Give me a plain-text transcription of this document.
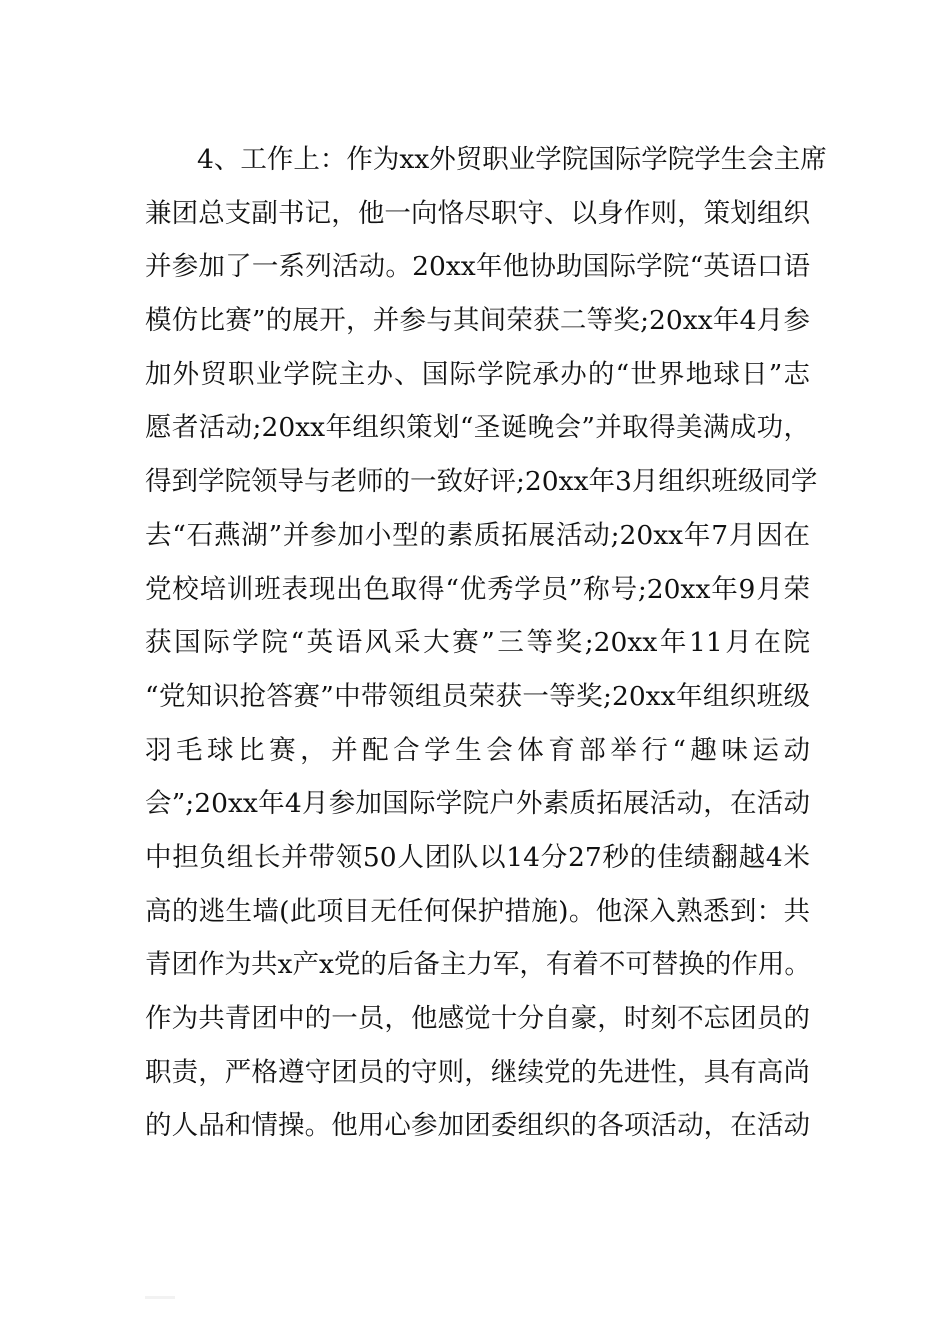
4、工作上：作为xx外贸职业学院国际学院学生会主席
兼团总支副书记，他一向恪尽职守、以身作则，策划组织
并参加了一系列活动。20xx年他协助国际学院“英语口语
模仿比赛”的展开，并参与其间荣获二等奖;20xx年4月参
加外贸职业学院主办、国际学院承办的“世界地球日”志
愿者活动;20xx年组织策划“圣诞晚会”并取得美满成功，
得到学院领导与老师的一致好评;20xx年3月组织班级同学
去“石燕湖”并参加小型的素质拓展活动;20xx年7月因在
党校培训班表现出色取得“优秀学员”称号;20xx年9月荣
获国际学院“英语风采大赛”三等奖;20xx年11月在院
“党知识抢答赛”中带领组员荣获一等奖;20xx年组织班级
羽毛球比赛，并配合学生会体育部举行“趣味运动
会”;20xx年4月参加国际学院户外素质拓展活动，在活动
中担负组长并带领50人团队以14分27秒的佳绩翻越4米
高的逃生墙(此项目无任何保护措施)。他深入熟悉到：共
青团作为共x产x党的后备主力军，有着不可替换的作用。
作为共青团中的一员，他感觉十分自豪，时刻不忘团员的
职责，严格遵守团员的守则，继续党的先进性，具有高尚
的人品和情操。他用心参加团委组织的各项活动，在活动
